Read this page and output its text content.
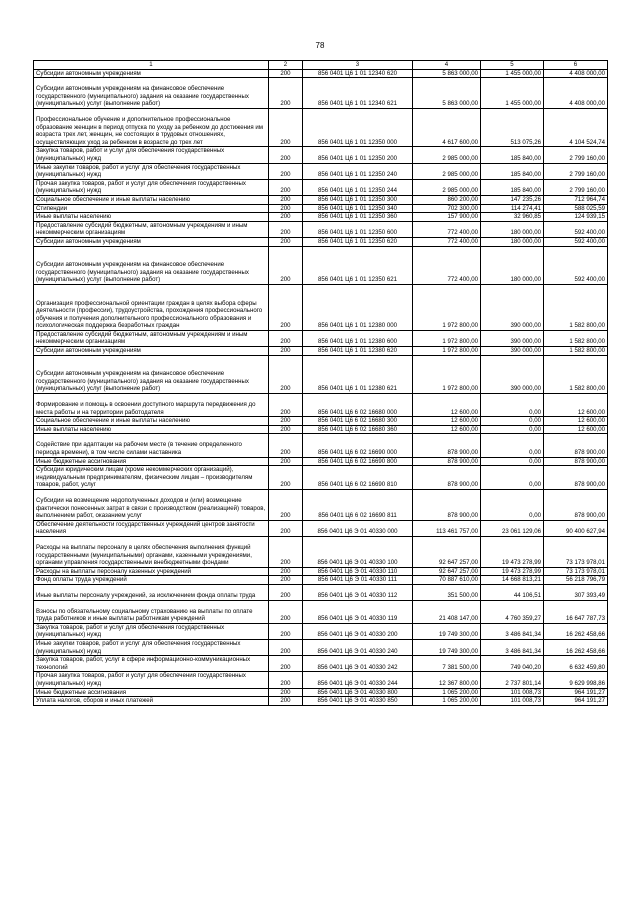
78
1	2	3	4	5	6
Субсидии автономным учреждениям	200	856 0401 Ц6 1 01 12340 620	5 863 000,00	1 455 000,00	4 408 000,00
Субсидии автономным учреждениям на финансовое обеспечение государственного (муниципального) задания на оказание государственных (муниципальных) услуг (выполнение работ)	200	856 0401 Ц6 1 01 12340 621	5 863 000,00	1 455 000,00	4 408 000,00
Профессиональное обучение и дополнительное профессиональное образование женщин в период отпуска по уходу за ребенком до достижения им возраста трех лет, женщин, не состоящих в трудовых отношениях, осуществляющих уход за ребенком в возрасте до трех лет	200	856 0401 Ц6 1 01 12350 000	4 617 600,00	513 075,26	4 104 524,74
Закупка товаров, работ и услуг для обеспечения государственных (муниципальных) нужд	200	856 0401 Ц6 1 01 12350 200	2 985 000,00	185 840,00	2 799 160,00
Иные закупки товаров, работ и услуг для обеспечения государственных (муниципальных) нужд	200	856 0401 Ц6 1 01 12350 240	2 985 000,00	185 840,00	2 799 160,00
Прочая закупка товаров, работ и услуг для обеспечения государственных (муниципальных) нужд	200	856 0401 Ц6 1 01 12350 244	2 985 000,00	185 840,00	2 799 160,00
Социальное обеспечение и иные выплаты населению	200	856 0401 Ц6 1 01 12350 300	860 200,00	147 235,26	712 964,74
Стипендии	200	856 0401 Ц6 1 01 12350 340	702 300,00	114 274,41	588 025,59
Иные выплаты населению	200	856 0401 Ц6 1 01 12350 360	157 900,00	32 960,85	124 939,15
Предоставление субсидий бюджетным, автономным учреждениям и иным некоммерческим организациям	200	856 0401 Ц6 1 01 12350 600	772 400,00	180 000,00	592 400,00
Субсидии автономным учреждениям	200	856 0401 Ц6 1 01 12350 620	772 400,00	180 000,00	592 400,00
Субсидии автономным учреждениям на финансовое обеспечение государственного (муниципального) задания на оказание государственных (муниципальных) услуг (выполнение работ)	200	856 0401 Ц6 1 01 12350 621	772 400,00	180 000,00	592 400,00
Организация профессиональной ориентации граждан в целях выбора сферы деятельности (профессии), трудоустройства, прохождения профессионального обучения и получения дополнительного профессионального образования и психологическая поддержка безработных граждан	200	856 0401 Ц6 1 01 12380 000	1 972 800,00	390 000,00	1 582 800,00
Предоставление субсидий бюджетным, автономным учреждениям и иным некоммерческим организациям	200	856 0401 Ц6 1 01 12380 600	1 972 800,00	390 000,00	1 582 800,00
Субсидии автономным учреждениям	200	856 0401 Ц6 1 01 12380 620	1 972 800,00	390 000,00	1 582 800,00
Субсидии автономным учреждениям на финансовое обеспечение государственного (муниципального) задания на оказание государственных (муниципальных) услуг (выполнение работ)	200	856 0401 Ц6 1 01 12380 621	1 972 800,00	390 000,00	1 582 800,00
Формирование и помощь в освоении доступного маршрута передвижения до места работы и на территории работодателя	200	856 0401 Ц6 6 02 16680 000	12 600,00	0,00	12 600,00
Социальное обеспечение и иные выплаты населению	200	856 0401 Ц6 6 02 16680 300	12 600,00	0,00	12 600,00
Иные выплаты населению	200	856 0401 Ц6 6 02 16680 360	12 600,00	0,00	12 600,00
Содействие при адаптации на рабочем месте (в течение определенного периода времени), в том числе силами наставника	200	856 0401 Ц6 6 02 16690 000	878 900,00	0,00	878 900,00
Иные бюджетные ассигнования	200	856 0401 Ц6 6 02 16690 800	878 900,00	0,00	878 900,00
Субсидии юридическим лицам (кроме некоммерческих организаций), индивидуальным предпринимателям, физическим лицам – производителям товаров, работ, услуг	200	856 0401 Ц6 6 02 16690 810	878 900,00	0,00	878 900,00
Субсидии на возмещение недополученных доходов и (или) возмещение фактически понесенных затрат в связи с производством (реализацией) товаров, выполнением работ, оказанием услуг	200	856 0401 Ц6 6 02 16690 811	878 900,00	0,00	878 900,00
Обеспечение деятельности государственных учреждений центров занятости населения	200	856 0401 Ц6 Э 01 40330 000	113 461 757,00	23 061 129,06	90 400 627,94
Расходы на выплаты персоналу в целях обеспечения выполнения функций государственными (муниципальными) органами, казенными учреждениями, органами управления государственными внебюджетными фондами	200	856 0401 Ц6 Э 01 40330 100	92 647 257,00	19 473 278,99	73 173 978,01
Расходы на выплаты персоналу казенных учреждений	200	856 0401 Ц6 Э 01 40330 110	92 647 257,00	19 473 278,99	73 173 978,01
Фонд оплаты труда учреждений	200	856 0401 Ц6 Э 01 40330 111	70 887 610,00	14 668 813,21	56 218 796,79
Иные выплаты персоналу учреждений, за исключением фонда оплаты труда	200	856 0401 Ц6 Э 01 40330 112	351 500,00	44 106,51	307 393,49
Взносы по обязательному социальному страхованию на выплаты по оплате труда работников и иные выплаты работникам учреждений	200	856 0401 Ц6 Э 01 40330 119	21 408 147,00	4 760 359,27	16 647 787,73
Закупка товаров, работ и услуг для обеспечения государственных (муниципальных) нужд	200	856 0401 Ц6 Э 01 40330 200	19 749 300,00	3 486 841,34	16 262 458,66
Иные закупки товаров, работ и услуг для обеспечения государственных (муниципальных) нужд	200	856 0401 Ц6 Э 01 40330 240	19 749 300,00	3 486 841,34	16 262 458,66
Закупка товаров, работ, услуг в сфере информационно-коммуникационных технологий	200	856 0401 Ц6 Э 01 40330 242	7 381 500,00	749 040,20	6 632 459,80
Прочая закупка товаров, работ и услуг для обеспечения государственных (муниципальных) нужд	200	856 0401 Ц6 Э 01 40330 244	12 367 800,00	2 737 801,14	9 629 998,86
Иные бюджетные ассигнования	200	856 0401 Ц6 Э 01 40330 800	1 065 200,00	101 008,73	964 191,27
Уплата налогов, сборов и иных платежей	200	856 0401 Ц6 Э 01 40330 850	1 065 200,00	101 008,73	964 191,27
